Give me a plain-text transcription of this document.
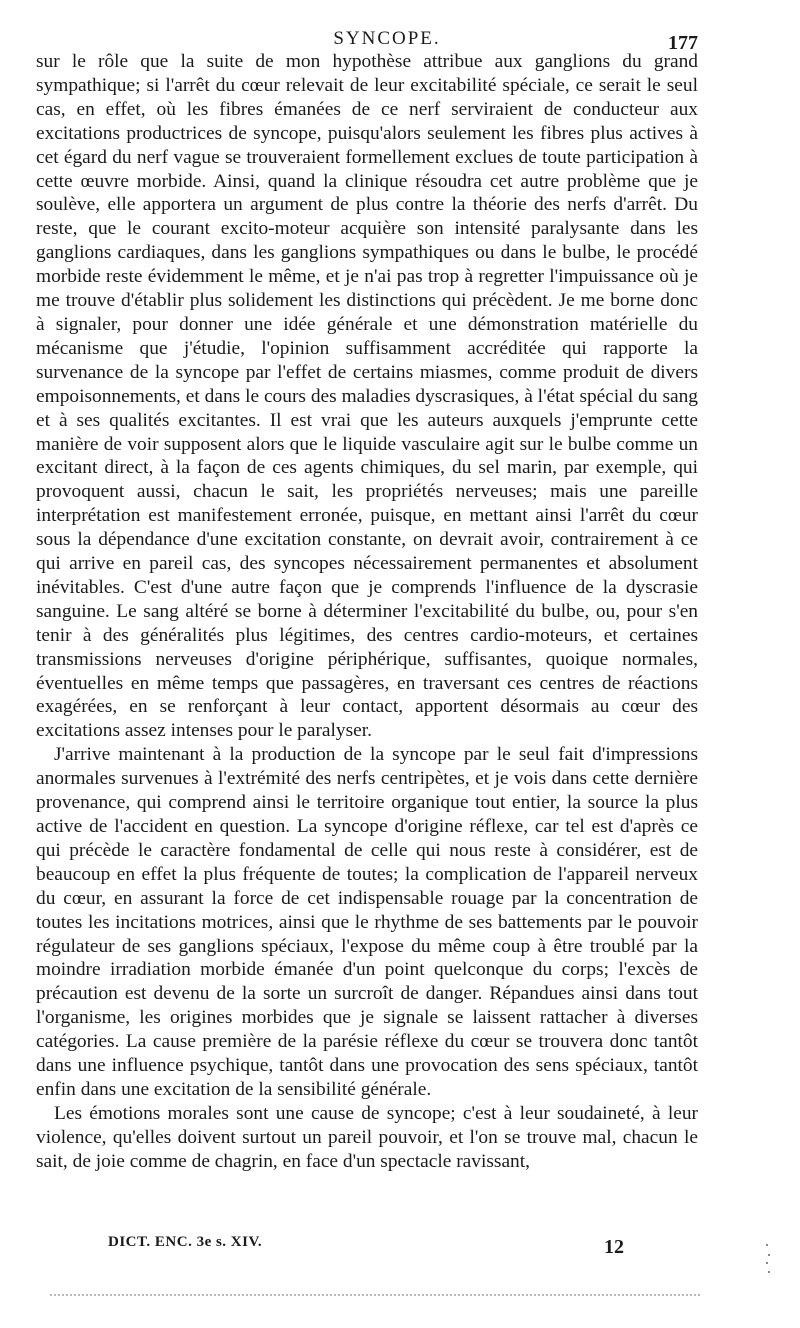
SYNCOPE.	177

sur le rôle que la suite de mon hypothèse attribue aux ganglions du grand sympathique; si l'arrêt du cœur relevait de leur excitabilité spéciale, ce serait le seul cas, en effet, où les fibres émanées de ce nerf serviraient de conducteur aux excitations productrices de syncope, puisqu'alors seulement les fibres plus actives à cet égard du nerf vague se trouveraient formellement exclues de toute participation à cette œuvre morbide. Ainsi, quand la clinique résoudra cet autre problème que je soulève, elle apportera un argument de plus contre la théorie des nerfs d'arrêt. Du reste, que le courant excito-moteur acquière son intensité paralysante dans les ganglions cardiaques, dans les ganglions sympathiques ou dans le bulbe, le procédé morbide reste évidemment le même, et je n'ai pas trop à regretter l'impuissance où je me trouve d'établir plus solidement les distinctions qui précèdent. Je me borne donc à signaler, pour donner une idée générale et une démonstration matérielle du mécanisme que j'étudie, l'opinion suffisamment accréditée qui rapporte la survenance de la syncope par l'effet de certains miasmes, comme produit de divers empoisonnements, et dans le cours des maladies dyscrasiques, à l'état spécial du sang et à ses qualités excitantes. Il est vrai que les auteurs auxquels j'emprunte cette manière de voir supposent alors que le liquide vasculaire agit sur le bulbe comme un excitant direct, à la façon de ces agents chimiques, du sel marin, par exemple, qui provoquent aussi, chacun le sait, les propriétés nerveuses; mais une pareille interprétation est manifestement erronée, puisque, en mettant ainsi l'arrêt du cœur sous la dépendance d'une excitation constante, on devrait avoir, contrairement à ce qui arrive en pareil cas, des syncopes nécessairement permanentes et absolument inévitables. C'est d'une autre façon que je comprends l'influence de la dyscrasie sanguine. Le sang altéré se borne à déterminer l'excitabilité du bulbe, ou, pour s'en tenir à des généralités plus légitimes, des centres cardio-moteurs, et certaines transmissions nerveuses d'origine périphérique, suffisantes, quoique normales, éventuelles en même temps que passagères, en traversant ces centres de réactions exagérées, en se renforçant à leur contact, apportent désormais au cœur des excitations assez intenses pour le paralyser.

J'arrive maintenant à la production de la syncope par le seul fait d'impressions anormales survenues à l'extrémité des nerfs centripètes, et je vois dans cette dernière provenance, qui comprend ainsi le territoire organique tout entier, la source la plus active de l'accident en question. La syncope d'origine réflexe, car tel est d'après ce qui précède le caractère fondamental de celle qui nous reste à considérer, est de beaucoup en effet la plus fréquente de toutes; la complication de l'appareil nerveux du cœur, en assurant la force de cet indispensable rouage par la concentration de toutes les incitations motrices, ainsi que le rhythme de ses battements par le pouvoir régulateur de ses ganglions spéciaux, l'expose du même coup à être troublé par la moindre irradiation morbide émanée d'un point quelconque du corps; l'excès de précaution est devenu de la sorte un surcroît de danger. Répandues ainsi dans tout l'organisme, les origines morbides que je signale se laissent rattacher à diverses catégories. La cause première de la parésie réflexe du cœur se trouvera donc tantôt dans une influence psychique, tantôt dans une provocation des sens spéciaux, tantôt enfin dans une excitation de la sensibilité générale.

Les émotions morales sont une cause de syncope; c'est à leur soudaineté, à leur violence, qu'elles doivent surtout un pareil pouvoir, et l'on se trouve mal, chacun le sait, de joie comme de chagrin, en face d'un spectacle ravissant,

DICT. ENC. 3e s. XIV.	12
